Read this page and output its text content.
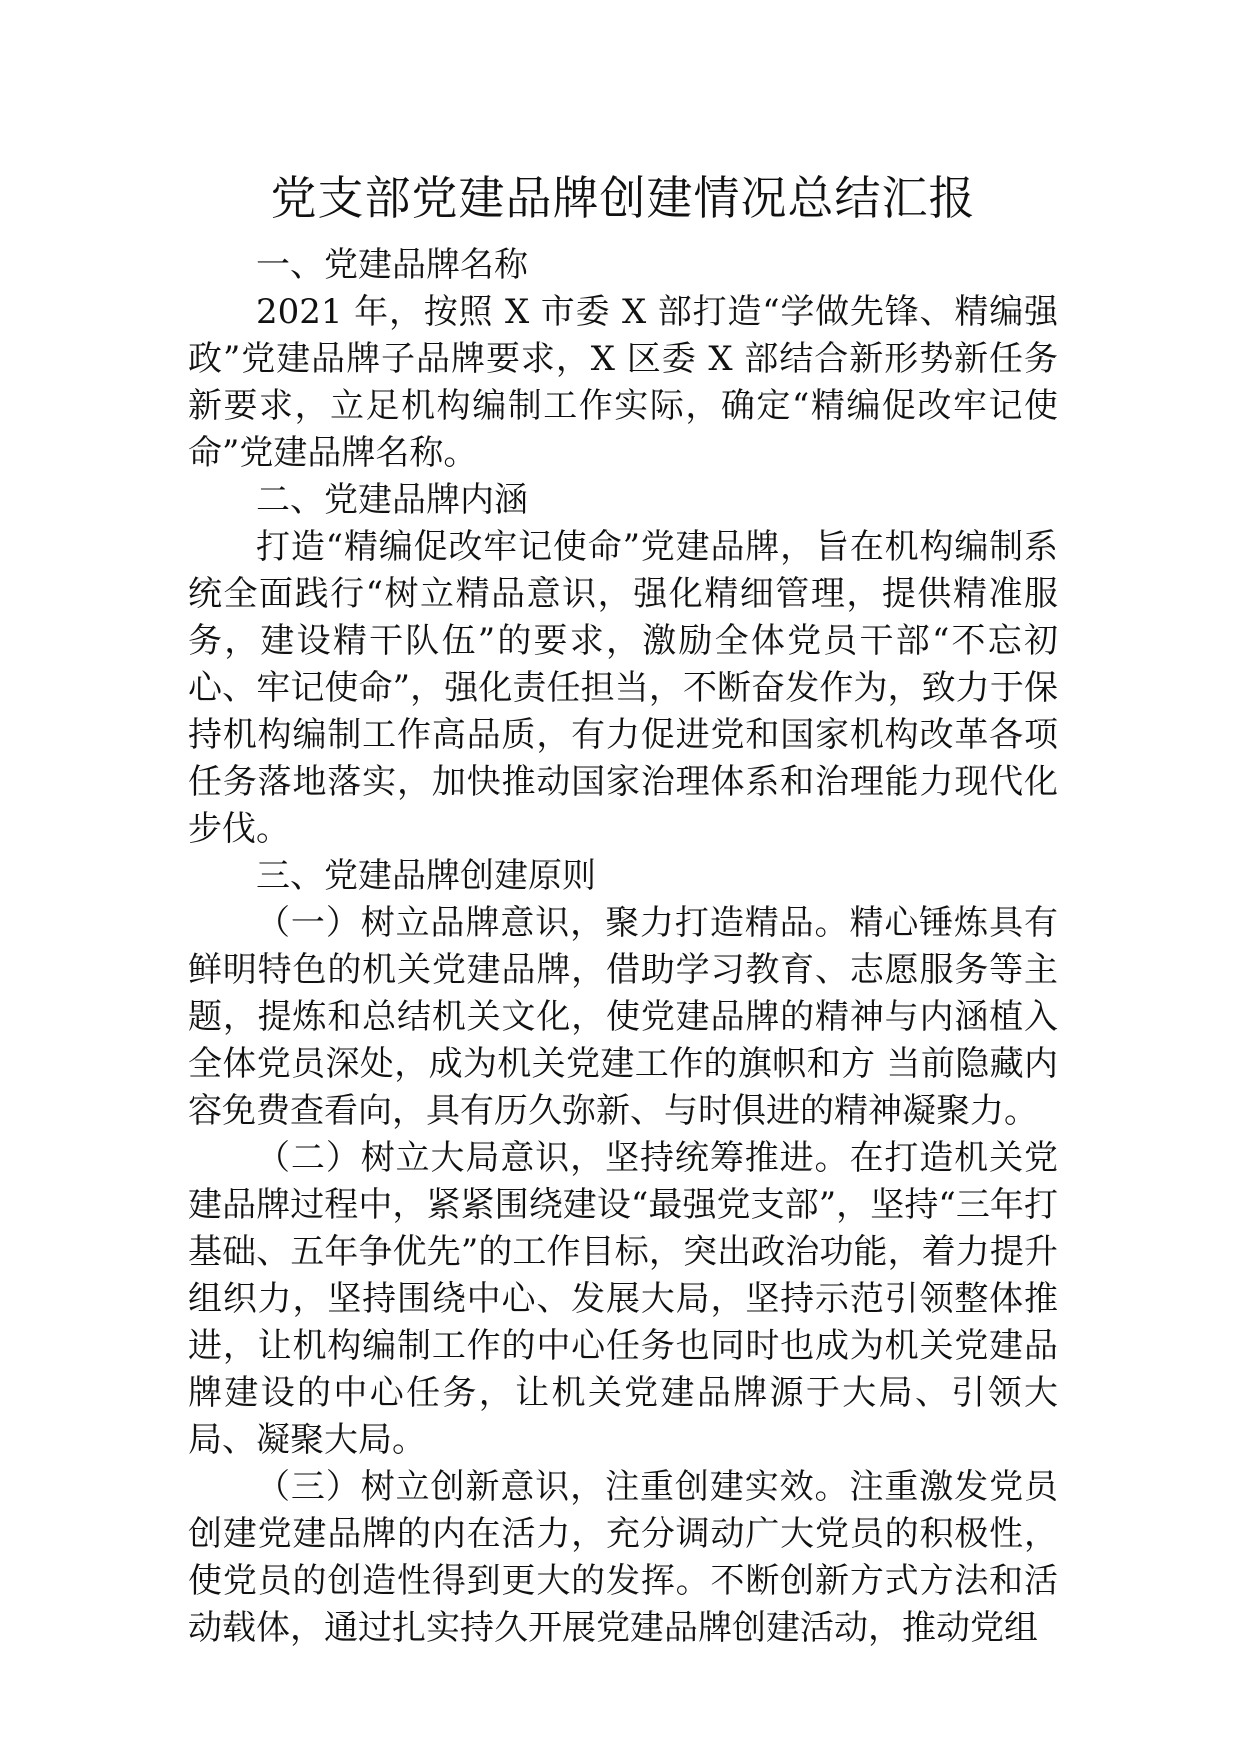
党支部党建品牌创建情况总结汇报

一、党建品牌名称

2021 年，按照 X 市委 X 部打造“学做先锋、精编强政”党建品牌子品牌要求，X 区委 X 部结合新形势新任务新要求，立足机构编制工作实际，确定“精编促改牢记使命”党建品牌名称。

二、党建品牌内涵

打造“精编促改牢记使命”党建品牌，旨在机构编制系统全面践行“树立精品意识，强化精细管理，提供精准服务，建设精干队伍”的要求，激励全体党员干部“不忘初心、牢记使命”，强化责任担当，不断奋发作为，致力于保持机构编制工作高品质，有力促进党和国家机构改革各项任务落地落实，加快推动国家治理体系和治理能力现代化步伐。

三、党建品牌创建原则

（一）树立品牌意识，聚力打造精品。精心锤炼具有鲜明特色的机关党建品牌，借助学习教育、志愿服务等主题，提炼和总结机关文化，使党建品牌的精神与内涵植入全体党员深处，成为机关党建工作的旗帜和方 当前隐藏内容免费查看向，具有历久弥新、与时俱进的精神凝聚力。

（二）树立大局意识，坚持统筹推进。在打造机关党建品牌过程中，紧紧围绕建设“最强党支部”，坚持“三年打基础、五年争优先”的工作目标，突出政治功能，着力提升组织力，坚持围绕中心、发展大局，坚持示范引领整体推进，让机构编制工作的中心任务也同时也成为机关党建品牌建设的中心任务，让机关党建品牌源于大局、引领大局、凝聚大局。

（三）树立创新意识，注重创建实效。注重激发党员创建党建品牌的内在活力，充分调动广大党员的积极性，使党员的创造性得到更大的发挥。不断创新方式方法和活动载体，通过扎实持久开展党建品牌创建活动，推动党组
